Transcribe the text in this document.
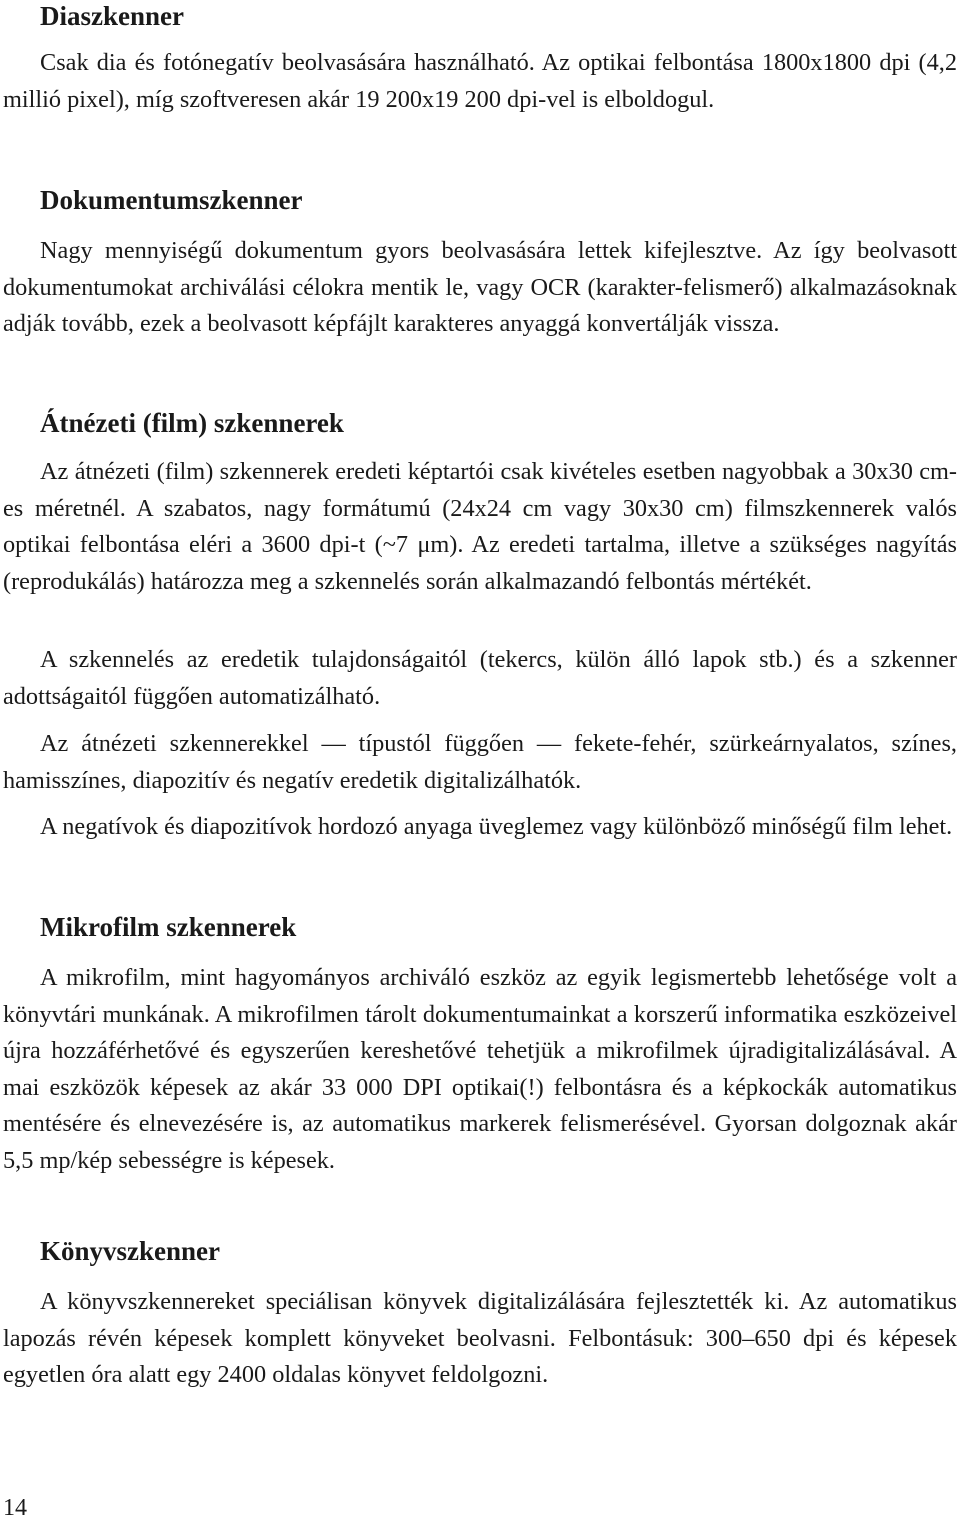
Diaszkenner

Csak dia és fotónegatív beolvasására használható. Az optikai felbontása 1800x1800 dpi (4,2 millió pixel), míg szoftveresen akár 19 200x19 200 dpi-vel is elboldogul.

Dokumentumszkenner

Nagy mennyiségű dokumentum gyors beolvasására lettek kifejlesztve. Az így beolvasott dokumentumokat archiválási célokra mentik le, vagy OCR (karakter-felismerő) alkalmazásoknak adják tovább, ezek a beolvasott képfájlt karakteres anyaggá konvertálják vissza.

Átnézeti (film) szkennerek

Az átnézeti (film) szkennerek eredeti képtartói csak kivételes esetben nagyobbak a 30x30 cm-es méretnél. A szabatos, nagy formátumú (24x24 cm vagy 30x30 cm) filmszkennerek valós optikai felbontása eléri a 3600 dpi-t (~7 μm). Az eredeti tartalma, illetve a szükséges nagyítás (reprodukálás) határozza meg a szkennelés során alkalmazandó felbontás mértékét.

A szkennelés az eredetik tulajdonságaitól (tekercs, külön álló lapok stb.) és a szkenner adottságaitól függően automatizálható.

Az átnézeti szkennerekkel — típustól függően — fekete-fehér, szürkeárnyalatos, színes, hamisszínes, diapozitív és negatív eredetik digitalizálhatók.

A negatívok és diapozitívok hordozó anyaga üveglemez vagy különböző minőségű film lehet.

Mikrofilm szkennerek

A mikrofilm, mint hagyományos archiváló eszköz az egyik legismertebb lehetősége volt a könyvtári munkának. A mikrofilmen tárolt dokumentumainkat a korszerű informatika eszközeivel újra hozzáférhetővé és egyszerűen kereshetővé tehetjük a mikrofilmek újradigitalizálásával. A mai eszközök képesek az akár 33 000 DPI optikai(!) felbontásra és a képkockák automatikus mentésére és elnevezésére is, az automatikus markerek felismerésével. Gyorsan dolgoznak akár 5,5 mp/kép sebességre is képesek.

Könyvszkenner

A könyvszkennereket speciálisan könyvek digitalizálására fejlesztették ki. Az automatikus lapozás révén képesek komplett könyveket beolvasni. Felbontásuk: 300–650 dpi és képesek egyetlen óra alatt egy 2400 oldalas könyvet feldolgozni.

14
